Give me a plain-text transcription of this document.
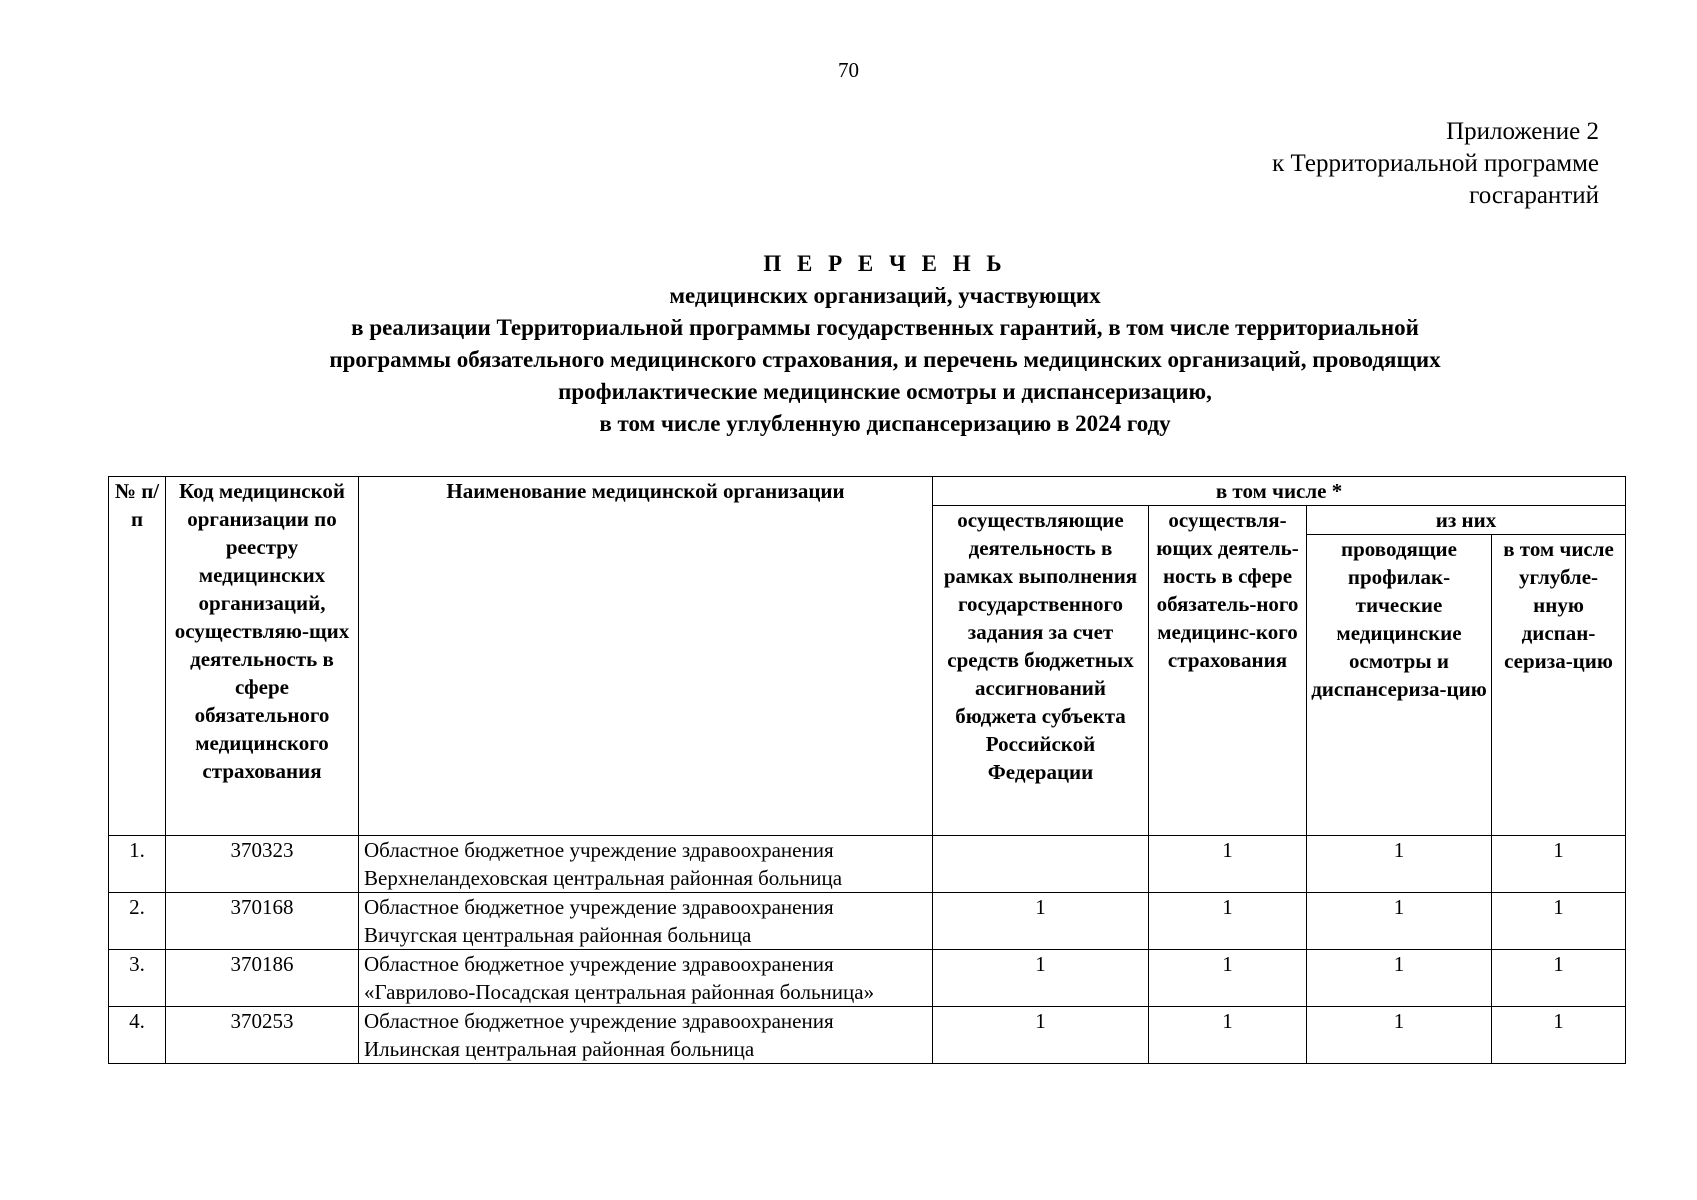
70
Приложение 2
к Территориальной программе
госгарантий
П Е Р Е Ч Е Н Ь
медицинских организаций, участвующих
в реализации Территориальной программы государственных гарантий, в том числе территориальной
программы обязательного медицинского страхования, и перечень медицинских организаций, проводящих
профилактические медицинские осмотры и диспансеризацию,
в том числе углубленную диспансеризацию в 2024 году
№ п/п	Код медицинской организации по реестру медицинских организаций, осуществляю-щих деятельность в сфере обязательного медицинского страхования	Наименование медицинской организации	в том числе *			
			осуществляющие деятельность в рамках выполнения государственного задания за счет средств бюджетных ассигнований бюджета субъекта Российской Федерации	осуществля-ющих деятель-ность в сфере обязатель-ного медицинс-кого страхования	из них	
					проводящие профилак-тические медицинские осмотры и диспансериза-цию	в том числе углубле-нную диспан-сериза-цию
1.	370323	Областное бюджетное учреждение здравоохранения Верхнеландеховская центральная районная больница		1	1	1
2.	370168	Областное бюджетное учреждение здравоохранения Вичугская центральная районная больница	1	1	1	1
3.	370186	Областное бюджетное учреждение здравоохранения «Гаврилово-Посадская центральная районная больница»	1	1	1	1
4.	370253	Областное бюджетное учреждение здравоохранения Ильинская центральная районная больница	1	1	1	1
